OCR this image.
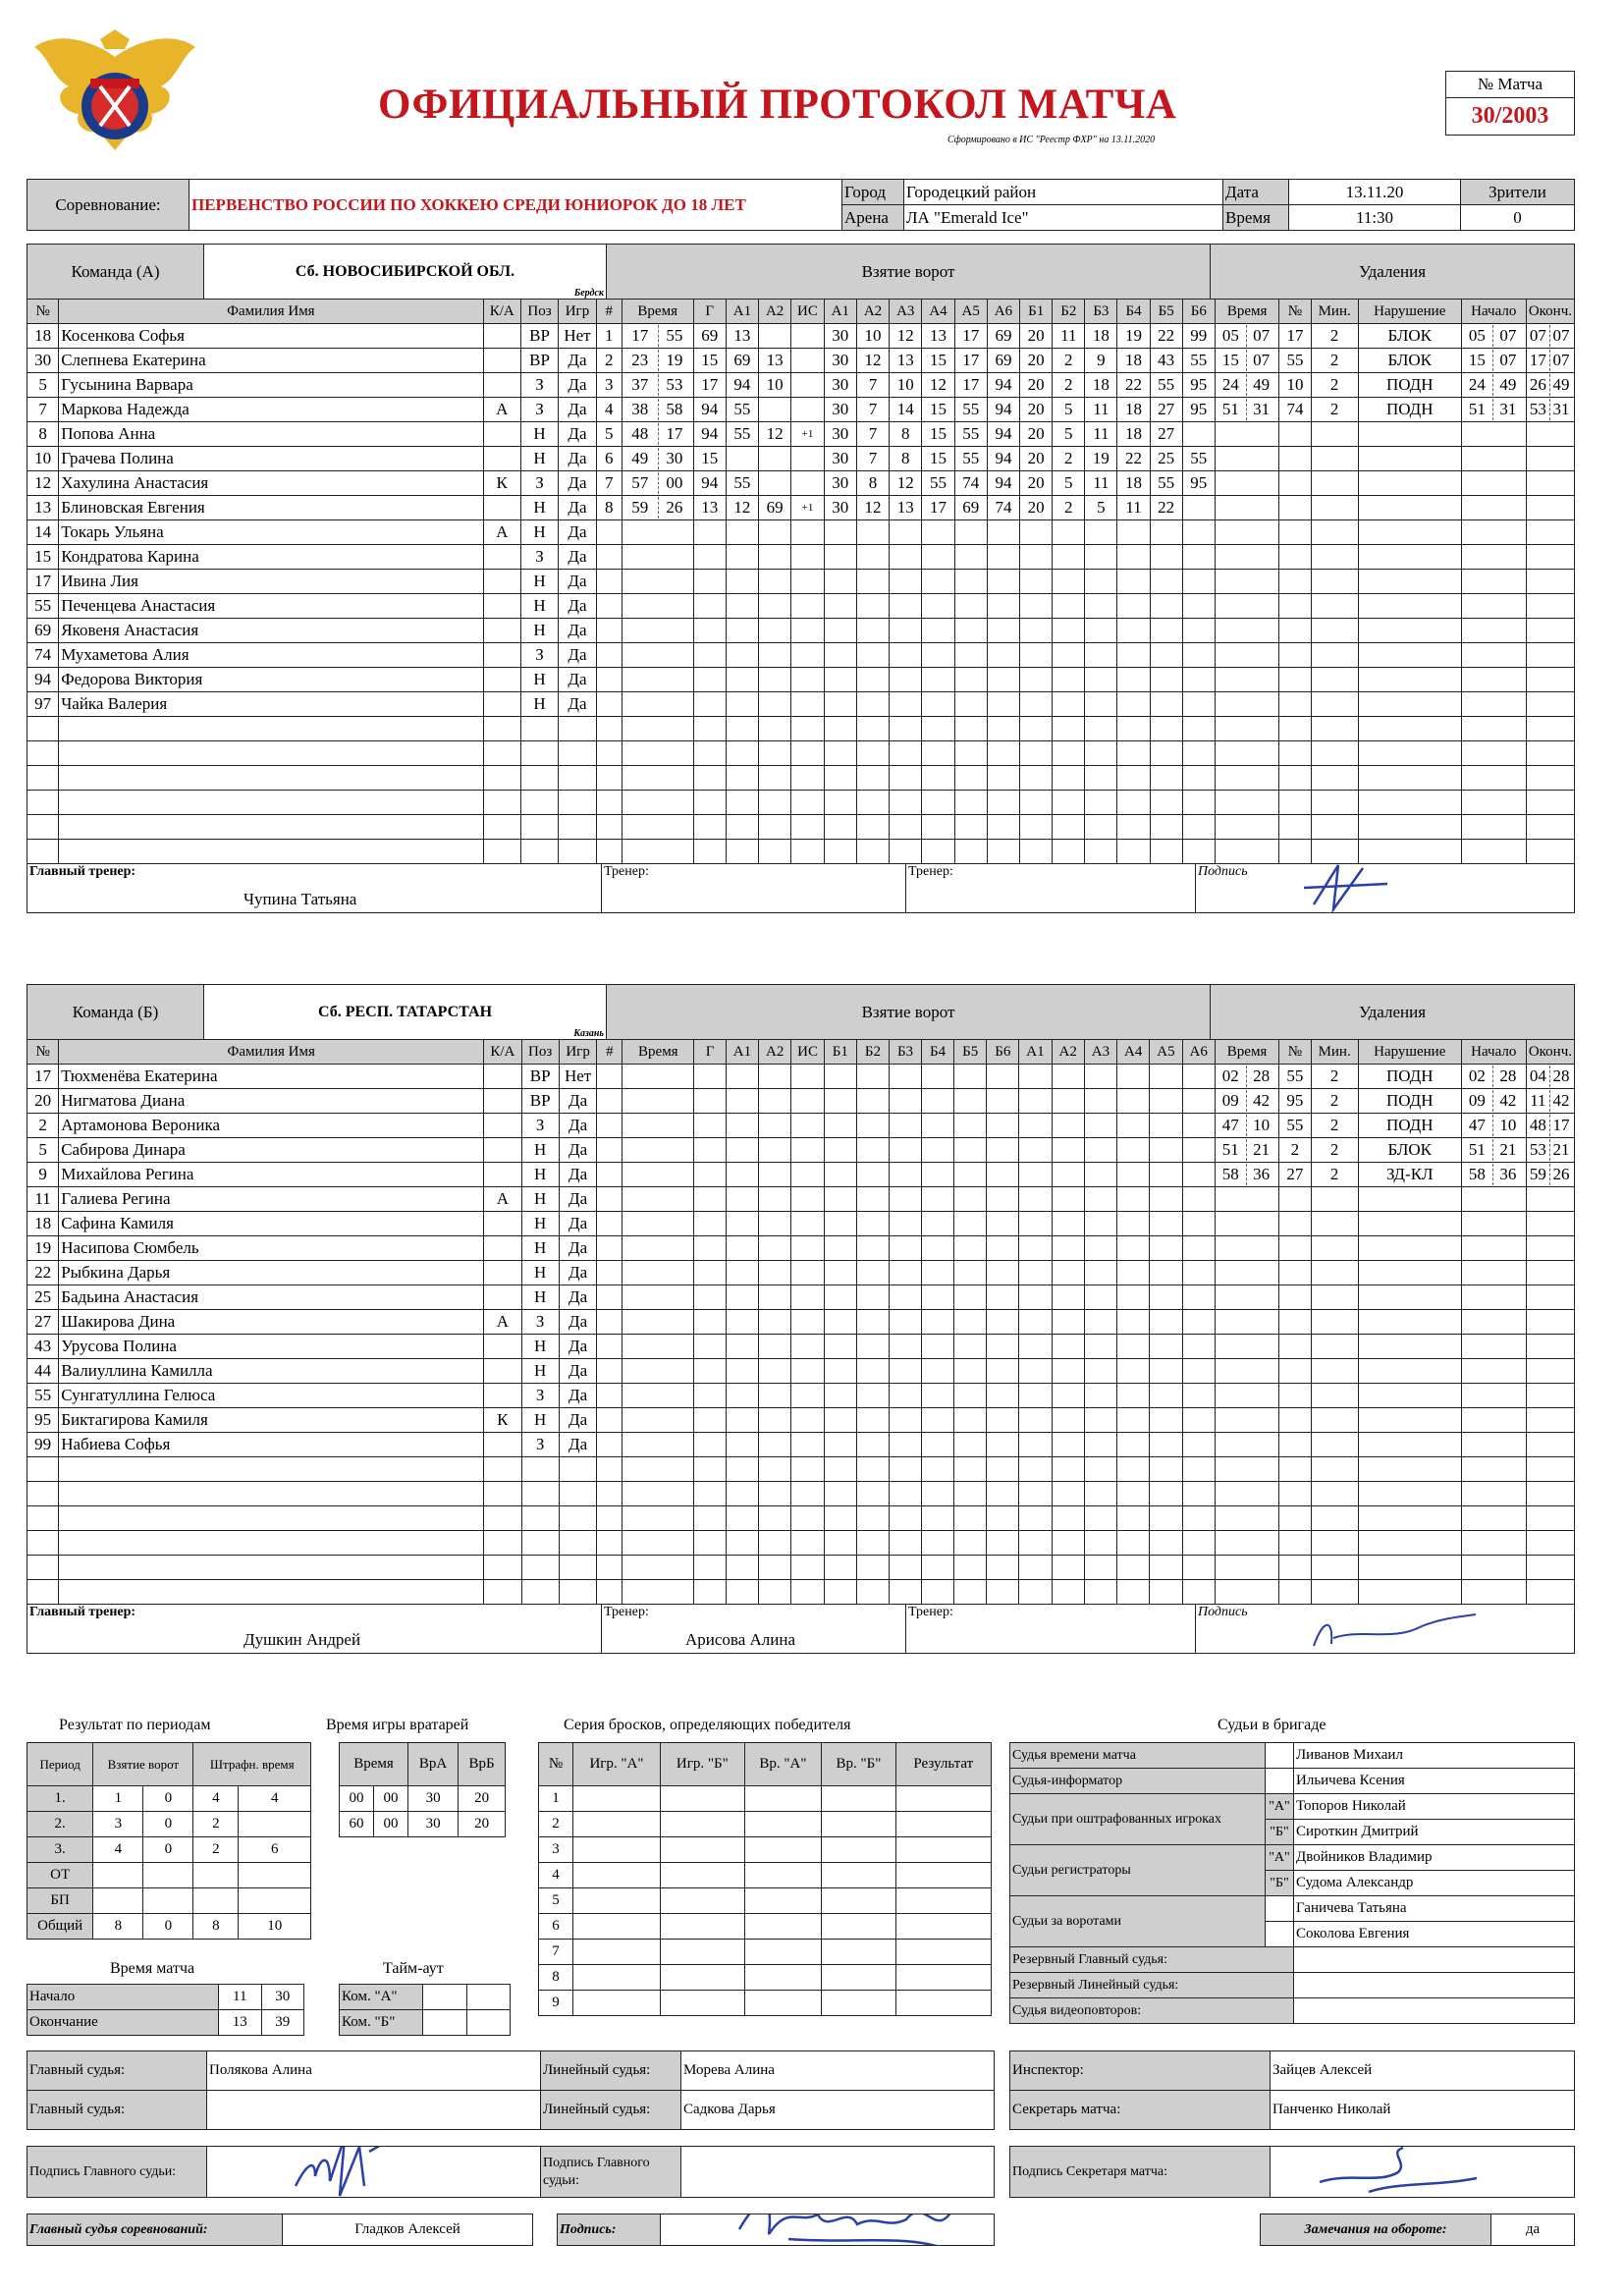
ОФИЦИАЛЬНЫЙ ПРОТОКОЛ МАТЧА
Сформировано в ИС "Реестр ФХР" на 13.11.2020
№ Матча
30/2003
Соревнование:	ПЕРВЕНСТВО РОССИИ ПО ХОККЕЮ СРЕДИ ЮНИОРОК ДО 18 ЛЕТ	Город	Городецкий район	Дата	13.11.20	Зрители
		Арена	ЛА "Emerald Ice"	Время	11:30	0
Команда (А)	Сб. НОВОСИБИРСКОЙ ОБЛ.
Бердск
	Взятие ворот	Удаления
№	Фамилия Имя	К/А	Поз	Игр	#	Время	Г	А1	А2	ИС	А1	А2	А3	А4	А5	А6	Б1	Б2	Б3	Б4	Б5	Б6	Время	№	Мин.	Нарушение	Начало	Оконч.
18	Косенкова Софья		ВР	Нет	1	17 55	69	13			30	10	12	13	17	69	20	11	18	19	22	99	05 07	17	2	БЛОК	05 07	07 07
30	Слепнева Екатерина		ВР	Да	2	23 19	15	69	13		30	12	13	15	17	69	20	2	9	18	43	55	15 07	55	2	БЛОК	15 07	17 07
5	Гусынина Варвара		З	Да	3	37 53	17	94	10		30	7	10	12	17	94	20	2	18	22	55	95	24 49	10	2	ПОДН	24 49	26 49
7	Маркова Надежда	А	З	Да	4	38 58	94	55			30	7	14	15	55	94	20	5	11	18	27	95	51 31	74	2	ПОДН	51 31	53 31
8	Попова Анна		Н	Да	5	48 17	94	55	12	+1	30	7	8	15	55	94	20	5	11	18	27							
10	Грачева Полина		Н	Да	6	49 30	15				30	7	8	15	55	94	20	2	19	22	25	55						
12	Хахулина Анастасия	К	З	Да	7	57 00	94	55			30	8	12	55	74	94	20	5	11	18	55	95						
13	Блиновская Евгения		Н	Да	8	59 26	13	12	69	+1	30	12	13	17	69	74	20	2	5	11	22							
14	Токарь Ульяна	А	Н	Да																								
15	Кондратова Карина		З	Да																								
17	Ивина Лия		Н	Да																								
55	Печенцева Анастасия		Н	Да																								
69	Яковеня Анастасия		Н	Да																								
74	Мухаметова Алия		З	Да																								
94	Федорова Виктория		Н	Да																								
97	Чайка Валерия		Н	Да																								

Главный тренер:
Чупина Татьяна
	Тренер:	Тренер:	Подпись
Команда (Б)	Сб. РЕСП. ТАТАРСТАН
Казань
	Взятие ворот	Удаления
№	Фамилия Имя	К/А	Поз	Игр	#	Время	Г	А1	А2	ИС	Б1	Б2	Б3	Б4	Б5	Б6	А1	А2	А3	А4	А5	А6	Время	№	Мин.	Нарушение	Начало	Оконч.
17	Тюхменёва Екатерина		ВР	Нет																			02 28	55	2	ПОДН	02 28	04 28
20	Нигматова Диана		ВР	Да																			09 42	95	2	ПОДН	09 42	11 42
2	Артамонова Вероника		З	Да																			47 10	55	2	ПОДН	47 10	48 17
5	Сабирова Динара		Н	Да																			51 21	2	2	БЛОК	51 21	53 21
9	Михайлова Регина		Н	Да																			58 36	27	2	ЗД-КЛ	58 36	59 26
11	Галиева Регина	А	Н	Да																								
18	Сафина Камиля		Н	Да																								
19	Насипова Сюмбель		Н	Да																								
22	Рыбкина Дарья		Н	Да																								
25	Бадьина Анастасия		Н	Да																								
27	Шакирова Дина	А	З	Да																								
43	Урусова Полина		Н	Да																								
44	Валиуллина Камилла		Н	Да																								
55	Сунгатуллина Гелюса		З	Да																								
95	Биктагирова Камиля	К	Н	Да																								
99	Набиева Софья		З	Да																								

Главный тренер:
Душкин Андрей
	Тренер:
Арисова Алина
	Тренер:	Подпись
Результат по периодам	Время игры вратарей	Серия бросков, определяющих победителя	Судьи в бригаде
Период	Взятие ворот		Штрафн. время	
1.	1	0	4	4
2.	3	0	2	
3.	4	0	2	6
ОТ				
БП				
Общий	8	0	8	10
Время		ВрА	ВрБ
00	00	30	20
60	00	30	20
Время матча
Начало	11	30
Окончание	13	39
Тайм-аут
Ком. "А"		
Ком. "Б"		
№	Игр. "А"	Игр. "Б"	Вр. "А"	Вр. "Б"	Результат
1					
2					
3					
4					
5					
6					
7					
8					
9					
Судья времени матча		Ливанов Михаил
Судья-информатор		Ильичева Ксения
Судьи при оштрафованных игроках	"А"	Топоров Николай
	"Б"	Сироткин Дмитрий
Судьи регистраторы	"А"	Двойников Владимир
	"Б"	Судома Александр
Судьи за воротами		Ганичева Татьяна
		Соколова Евгения
Резервный Главный судья:		
Резервный Линейный судья:		
Судья видеоповторов:		
Главный судья:	Полякова Алина	Линейный судья:	Морева Алина
Главный судья:		Линейный судья:	Садкова Дарья
Инспектор:	Зайцев Алексей
Секретарь матча:	Панченко Николай
Подпись Главного судьи:	
	Подпись Главного судьи:	
Подпись Секретаря матча:	
Главный судья соревнований:	Гладков Алексей		Подпись:		Замечания на обороте:	да
